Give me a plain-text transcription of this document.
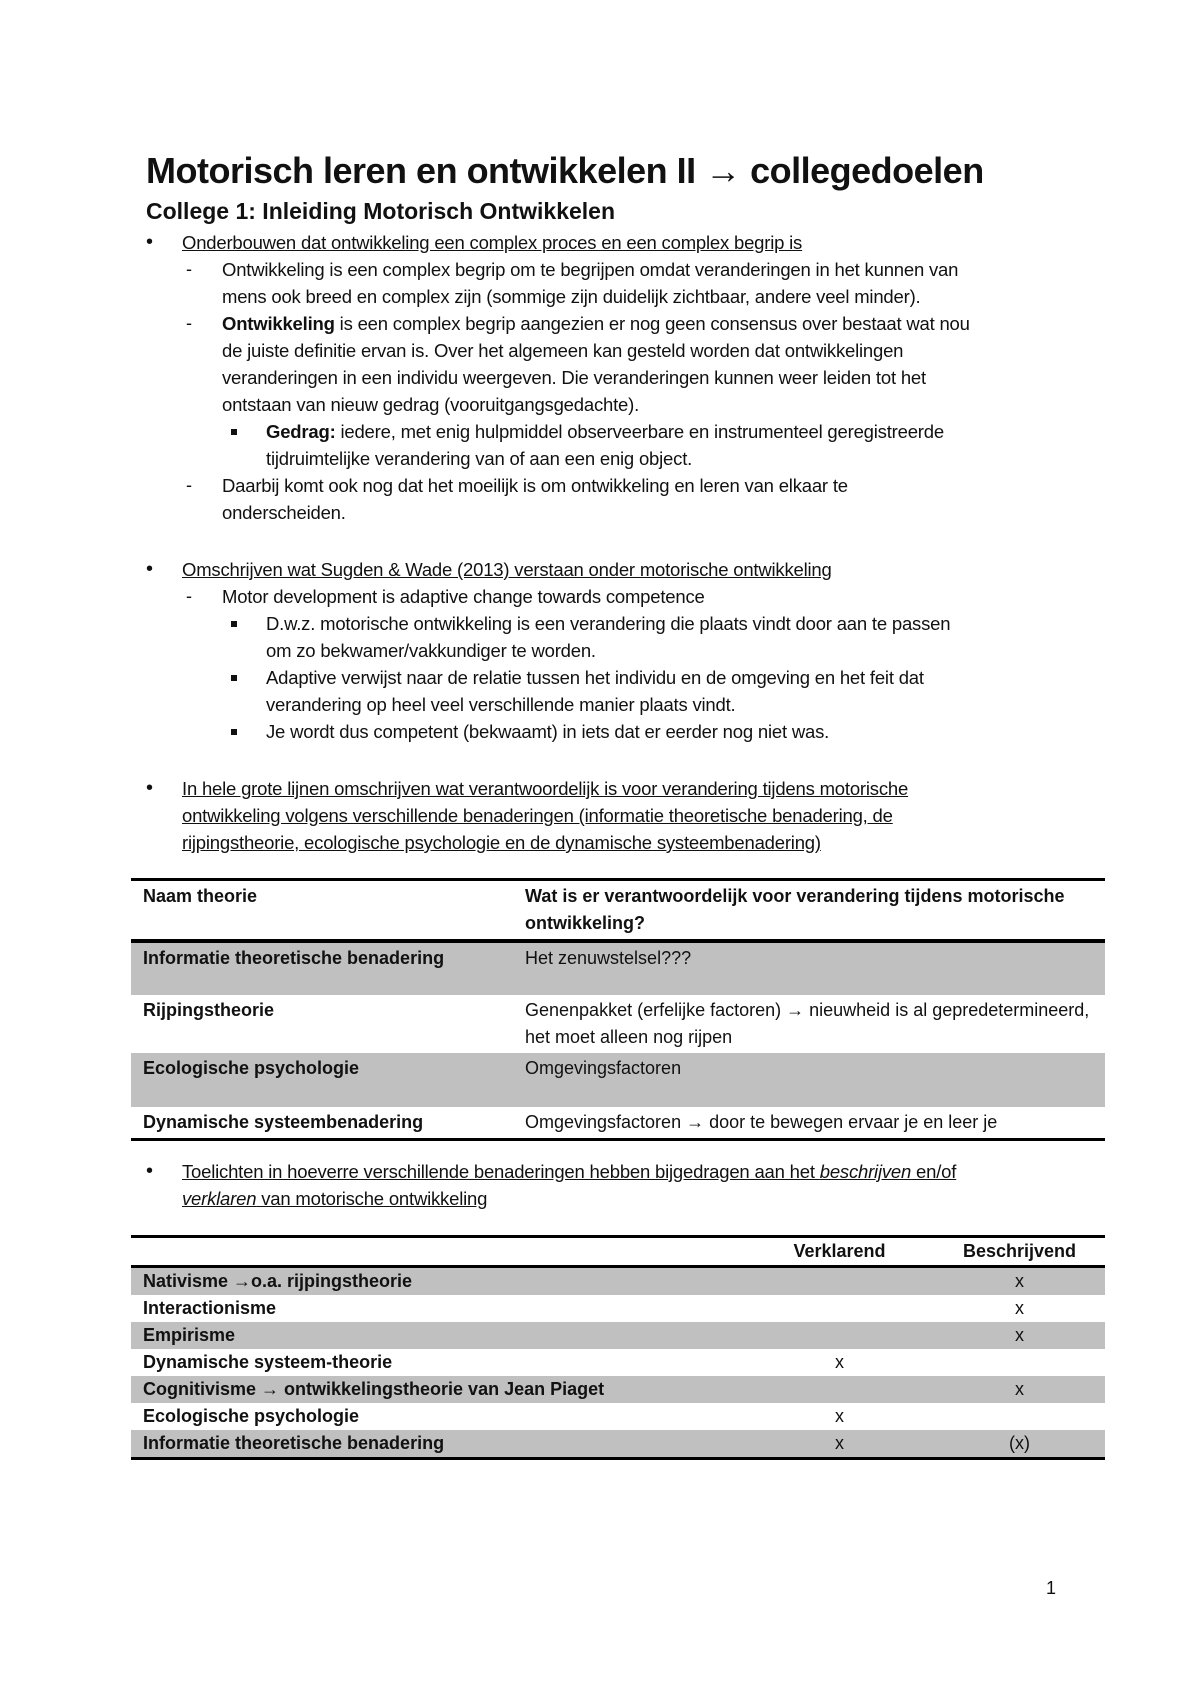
Motorisch leren en ontwikkelen II → collegedoelen
College 1: Inleiding Motorisch Ontwikkelen
• Onderbouwen dat ontwikkeling een complex proces en een complex begrip is
- Ontwikkeling is een complex begrip om te begrijpen omdat veranderingen in het kunnen van
mens ook breed en complex zijn (sommige zijn duidelijk zichtbaar, andere veel minder).
- Ontwikkeling is een complex begrip aangezien er nog geen consensus over bestaat wat nou
de juiste definitie ervan is. Over het algemeen kan gesteld worden dat ontwikkelingen
veranderingen in een individu weergeven. Die veranderingen kunnen weer leiden tot het
ontstaan van nieuw gedrag (vooruitgangsgedachte).
Gedrag: iedere, met enig hulpmiddel observeerbare en instrumenteel geregistreerde
tijdruimtelijke verandering van of aan een enig object.
- Daarbij komt ook nog dat het moeilijk is om ontwikkeling en leren van elkaar te
onderscheiden.
• Omschrijven wat Sugden & Wade (2013) verstaan onder motorische ontwikkeling
- Motor development is adaptive change towards competence
D.w.z. motorische ontwikkeling is een verandering die plaats vindt door aan te passen
om zo bekwamer/vakkundiger te worden.
Adaptive verwijst naar de relatie tussen het individu en de omgeving en het feit dat
verandering op heel veel verschillende manier plaats vindt.
Je wordt dus competent (bekwaamt) in iets dat er eerder nog niet was.
• In hele grote lijnen omschrijven wat verantwoordelijk is voor verandering tijdens motorische
ontwikkeling volgens verschillende benaderingen (informatie theoretische benadering, de
rijpingstheorie, ecologische psychologie en de dynamische systeembenadering)
Naam theorie	Wat is er verantwoordelijk voor verandering tijdens motorische ontwikkeling?
Informatie theoretische benadering	Het zenuwstelsel???
Rijpingstheorie	Genenpakket (erfelijke factoren) → nieuwheid is al gepredetermineerd, het moet alleen nog rijpen
Ecologische psychologie	Omgevingsfactoren
Dynamische systeembenadering	Omgevingsfactoren → door te bewegen ervaar je en leer je
• Toelichten in hoeverre verschillende benaderingen hebben bijgedragen aan het beschrijven en/of
verklaren van motorische ontwikkeling
	Verklarend	Beschrijvend
Nativisme →o.a. rijpingstheorie		x
Interactionisme		x
Empirisme		x
Dynamische systeem-theorie	x	
Cognitivisme → ontwikkelingstheorie van Jean Piaget		x
Ecologische psychologie	x	
Informatie theoretische benadering	x	(x)
1
